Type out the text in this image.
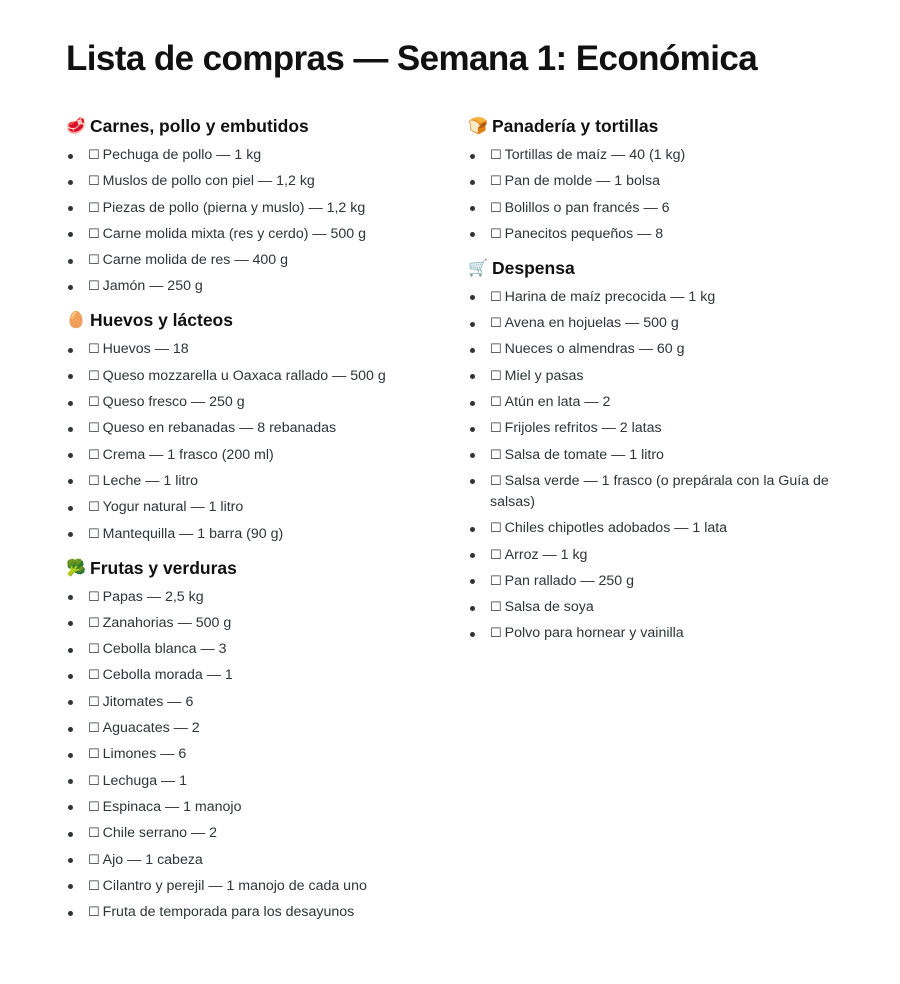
Lista de compras — Semana 1: Económica
🥩 Carnes, pollo y embutidos
☐ Pechuga de pollo — 1 kg
☐ Muslos de pollo con piel — 1,2 kg
☐ Piezas de pollo (pierna y muslo) — 1,2 kg
☐ Carne molida mixta (res y cerdo) — 500 g
☐ Carne molida de res — 400 g
☐ Jamón — 250 g
🥚 Huevos y lácteos
☐ Huevos — 18
☐ Queso mozzarella u Oaxaca rallado — 500 g
☐ Queso fresco — 250 g
☐ Queso en rebanadas — 8 rebanadas
☐ Crema — 1 frasco (200 ml)
☐ Leche — 1 litro
☐ Yogur natural — 1 litro
☐ Mantequilla — 1 barra (90 g)
🥦 Frutas y verduras
☐ Papas — 2,5 kg
☐ Zanahorias — 500 g
☐ Cebolla blanca — 3
☐ Cebolla morada — 1
☐ Jitomates — 6
☐ Aguacates — 2
☐ Limones — 6
☐ Lechuga — 1
☐ Espinaca — 1 manojo
☐ Chile serrano — 2
☐ Ajo — 1 cabeza
☐ Cilantro y perejil — 1 manojo de cada uno
☐ Fruta de temporada para los desayunos
🍞 Panadería y tortillas
☐ Tortillas de maíz — 40 (1 kg)
☐ Pan de molde — 1 bolsa
☐ Bolillos o pan francés — 6
☐ Panecitos pequeños — 8
🛒 Despensa
☐ Harina de maíz precocida — 1 kg
☐ Avena en hojuelas — 500 g
☐ Nueces o almendras — 60 g
☐ Miel y pasas
☐ Atún en lata — 2
☐ Frijoles refritos — 2 latas
☐ Salsa de tomate — 1 litro
☐ Salsa verde — 1 frasco (o prepárala con la Guía de salsas)
☐ Chiles chipotles adobados — 1 lata
☐ Arroz — 1 kg
☐ Pan rallado — 250 g
☐ Salsa de soya
☐ Polvo para hornear y vainilla
